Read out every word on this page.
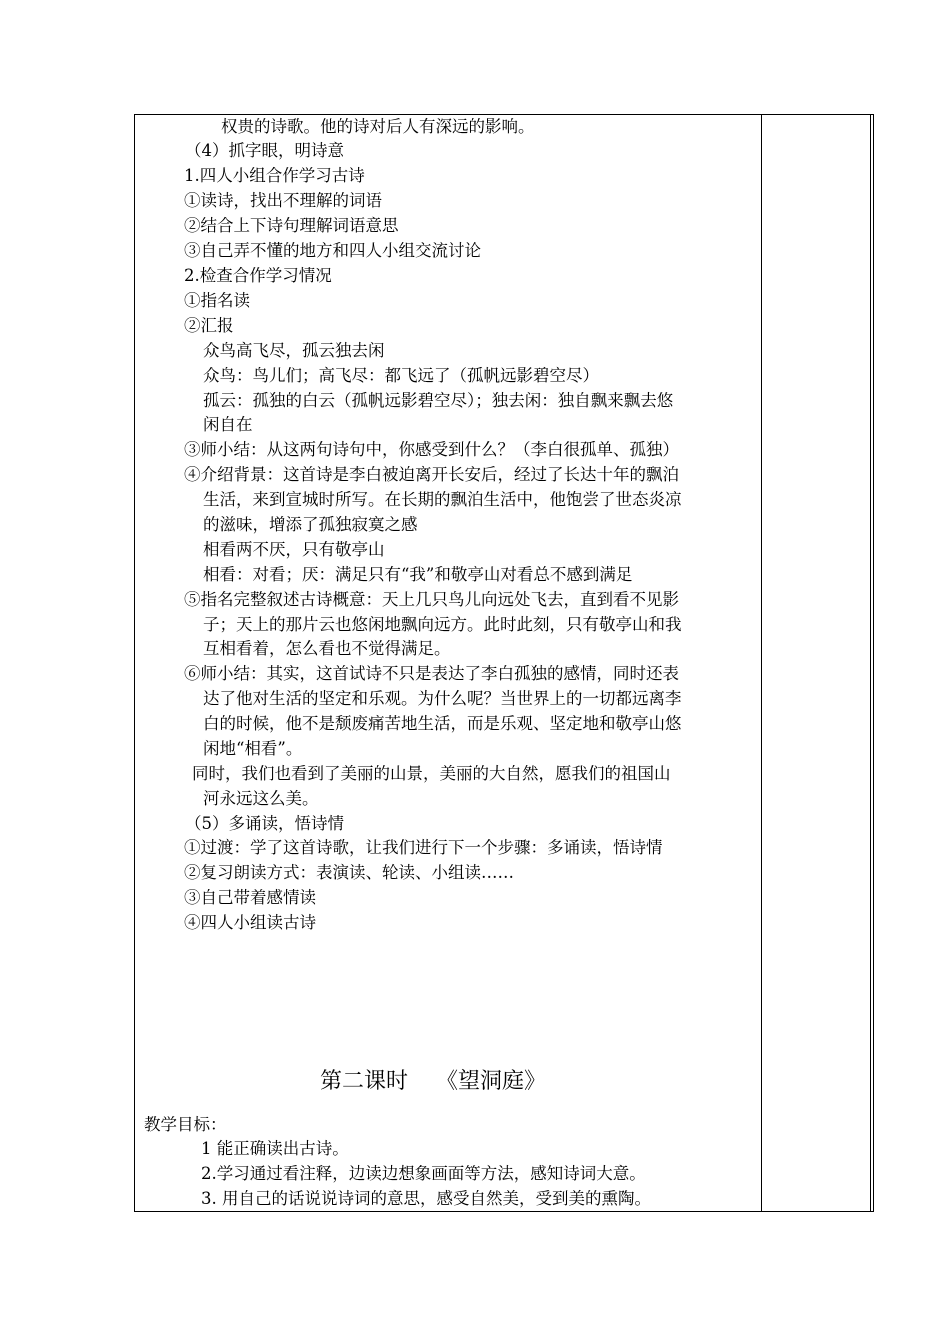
权贵的诗歌。他的诗对后人有深远的影响。
（4）抓字眼，明诗意
1.四人小组合作学习古诗
①读诗，找出不理解的词语
②结合上下诗句理解词语意思
③自己弄不懂的地方和四人小组交流讨论
2.检查合作学习情况
①指名读
②汇报
众鸟高飞尽，孤云独去闲
众鸟：鸟儿们；高飞尽：都飞远了（孤帆远影碧空尽）
孤云：孤独的白云（孤帆远影碧空尽）；独去闲：独自飘来飘去悠
闲自在
③师小结：从这两句诗句中，你感受到什么？（李白很孤单、孤独）
④介绍背景：这首诗是李白被迫离开长安后，经过了长达十年的飘泊
生活，来到宣城时所写。在长期的飘泊生活中，他饱尝了世态炎凉
的滋味，增添了孤独寂寞之感
相看两不厌，只有敬亭山
相看：对看；厌：满足只有“我”和敬亭山对看总不感到满足
⑤指名完整叙述古诗概意：天上几只鸟儿向远处飞去，直到看不见影
子；天上的那片云也悠闲地飘向远方。此时此刻，只有敬亭山和我
互相看着，怎么看也不觉得满足。
⑥师小结：其实，这首试诗不只是表达了李白孤独的感情，同时还表
达了他对生活的坚定和乐观。为什么呢？当世界上的一切都远离李
白的时候，他不是颓废痛苦地生活，而是乐观、坚定地和敬亭山悠
闲地“相看”。
同时，我们也看到了美丽的山景，美丽的大自然，愿我们的祖国山
河永远这么美。
（5）多诵读，悟诗情
①过渡：学了这首诗歌，让我们进行下一个步骤：多诵读，悟诗情
②复习朗读方式：表演读、轮读、小组读……
③自己带着感情读
④四人小组读古诗
第二课时    《望洞庭》
教学目标：
1 能正确读出古诗。
2.学习通过看注释，边读边想象画面等方法，感知诗词大意。
3. 用自己的话说说诗词的意思，感受自然美，受到美的熏陶。
